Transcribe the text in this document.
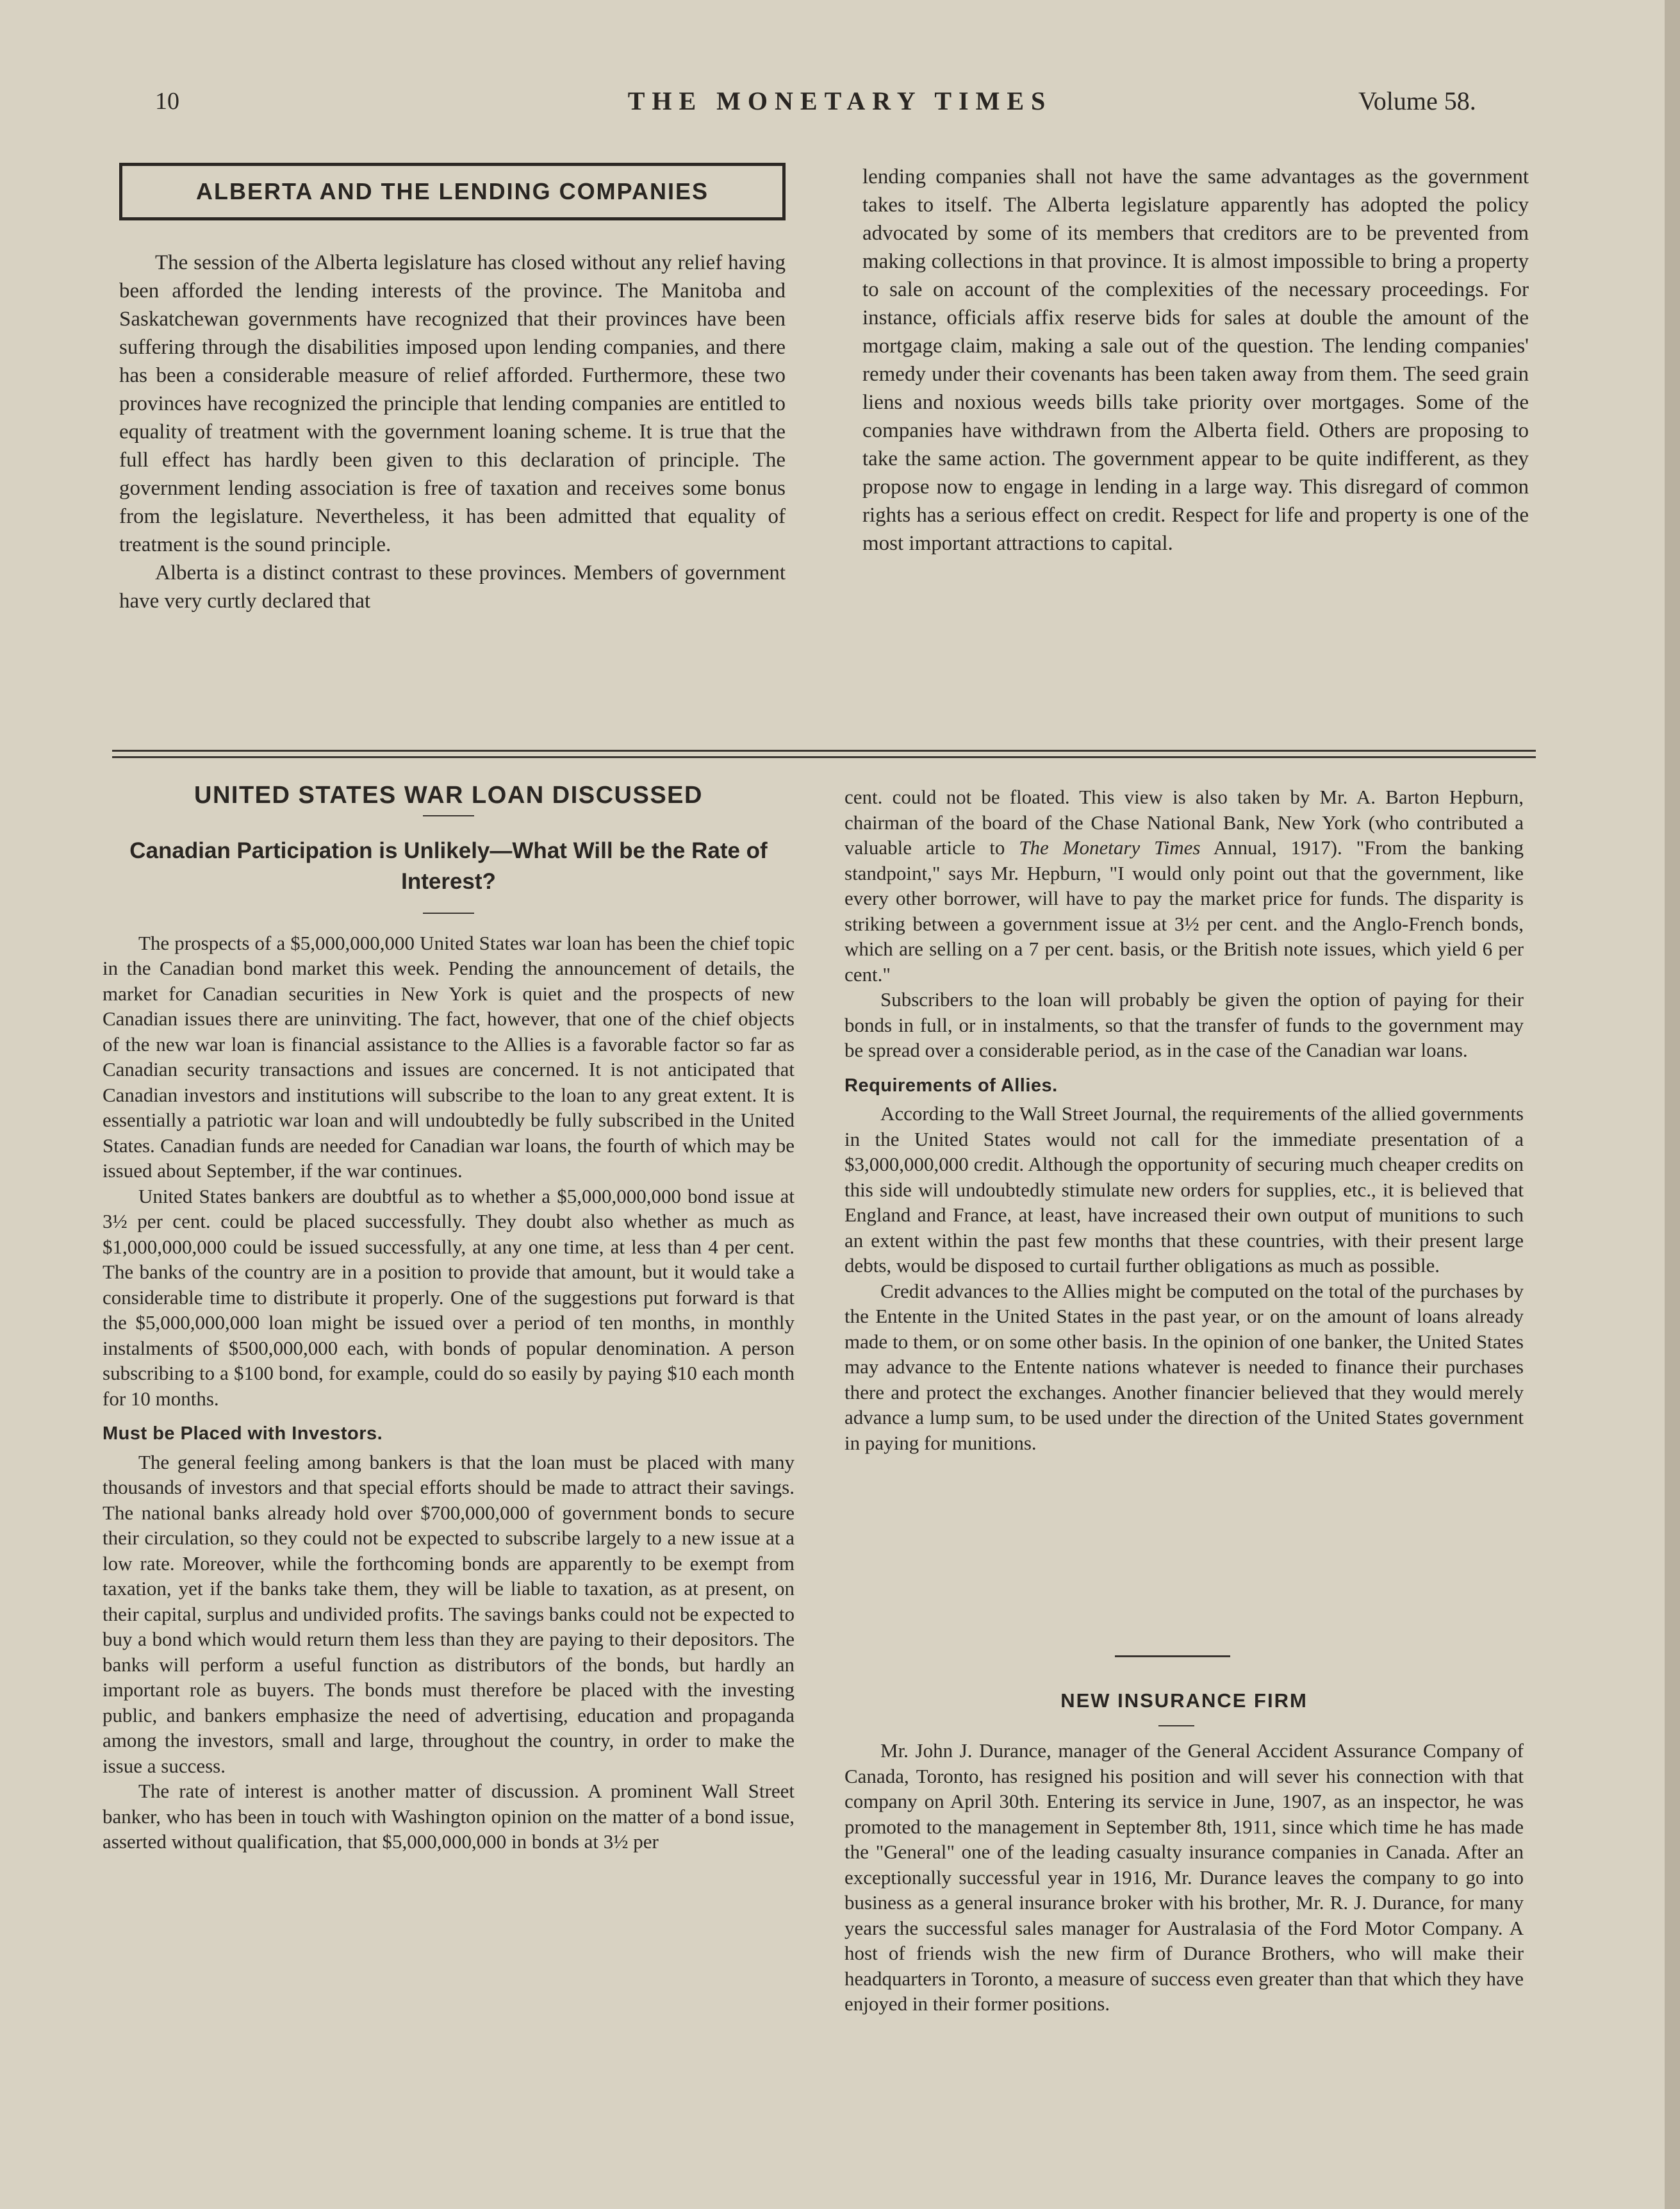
10	THE MONETARY TIMES	Volume 58.
ALBERTA AND THE LENDING COMPANIES

The session of the Alberta legislature has closed without any relief having been afforded the lending interests of the province. The Manitoba and Saskatchewan governments have recognized that their provinces have been suffering through the disabilities imposed upon lending companies, and there has been a considerable measure of relief afforded. Furthermore, these two provinces have recognized the principle that lending companies are entitled to equality of treatment with the government loaning scheme. It is true that the full effect has hardly been given to this declaration of principle. The government lending association is free of taxation and receives some bonus from the legislature. Nevertheless, it has been admitted that equality of treatment is the sound principle.

Alberta is a distinct contrast to these provinces. Members of government have very curtly declared that

lending companies shall not have the same advantages as the government takes to itself. The Alberta legislature apparently has adopted the policy advocated by some of its members that creditors are to be prevented from making collections in that province. It is almost impossible to bring a property to sale on account of the complexities of the necessary proceedings. For instance, officials affix reserve bids for sales at double the amount of the mortgage claim, making a sale out of the question. The lending companies' remedy under their covenants has been taken away from them. The seed grain liens and noxious weeds bills take priority over mortgages. Some of the companies have withdrawn from the Alberta field. Others are proposing to take the same action. The government appear to be quite indifferent, as they propose now to engage in lending in a large way. This disregard of common rights has a serious effect on credit. Respect for life and property is one of the most important attractions to capital.

UNITED STATES WAR LOAN DISCUSSED
Canadian Participation is Unlikely—What Will be the Rate of Interest?

The prospects of a $5,000,000,000 United States war loan has been the chief topic in the Canadian bond market this week. Pending the announcement of details, the market for Canadian securities in New York is quiet and the prospects of new Canadian issues there are uninviting. The fact, however, that one of the chief objects of the new war loan is financial assistance to the Allies is a favorable factor so far as Canadian security transactions and issues are concerned. It is not anticipated that Canadian investors and institutions will subscribe to the loan to any great extent. It is essentially a patriotic war loan and will undoubtedly be fully subscribed in the United States. Canadian funds are needed for Canadian war loans, the fourth of which may be issued about September, if the war continues.

United States bankers are doubtful as to whether a $5,000,000,000 bond issue at 3½ per cent. could be placed successfully. They doubt also whether as much as $1,000,000,000 could be issued successfully, at any one time, at less than 4 per cent. The banks of the country are in a position to provide that amount, but it would take a considerable time to distribute it properly. One of the suggestions put forward is that the $5,000,000,000 loan might be issued over a period of ten months, in monthly instalments of $500,000,000 each, with bonds of popular denomination. A person subscribing to a $100 bond, for example, could do so easily by paying $10 each month for 10 months.

Must be Placed with Investors.

The general feeling among bankers is that the loan must be placed with many thousands of investors and that special efforts should be made to attract their savings. The national banks already hold over $700,000,000 of government bonds to secure their circulation, so they could not be expected to subscribe largely to a new issue at a low rate. Moreover, while the forthcoming bonds are apparently to be exempt from taxation, yet if the banks take them, they will be liable to taxation, as at present, on their capital, surplus and undivided profits. The savings banks could not be expected to buy a bond which would return them less than they are paying to their depositors. The banks will perform a useful function as distributors of the bonds, but hardly an important role as buyers. The bonds must therefore be placed with the investing public, and bankers emphasize the need of advertising, education and propaganda among the investors, small and large, throughout the country, in order to make the issue a success.

The rate of interest is another matter of discussion. A prominent Wall Street banker, who has been in touch with Washington opinion on the matter of a bond issue, asserted without qualification, that $5,000,000,000 in bonds at 3½ per

cent. could not be floated. This view is also taken by Mr. A. Barton Hepburn, chairman of the board of the Chase National Bank, New York (who contributed a valuable article to The Monetary Times Annual, 1917). "From the banking standpoint," says Mr. Hepburn, "I would only point out that the government, like every other borrower, will have to pay the market price for funds. The disparity is striking between a government issue at 3½ per cent. and the Anglo-French bonds, which are selling on a 7 per cent. basis, or the British note issues, which yield 6 per cent."

Subscribers to the loan will probably be given the option of paying for their bonds in full, or in instalments, so that the transfer of funds to the government may be spread over a considerable period, as in the case of the Canadian war loans.

Requirements of Allies.

According to the Wall Street Journal, the requirements of the allied governments in the United States would not call for the immediate presentation of a $3,000,000,000 credit. Although the opportunity of securing much cheaper credits on this side will undoubtedly stimulate new orders for supplies, etc., it is believed that England and France, at least, have increased their own output of munitions to such an extent within the past few months that these countries, with their present large debts, would be disposed to curtail further obligations as much as possible.

Credit advances to the Allies might be computed on the total of the purchases by the Entente in the United States in the past year, or on the amount of loans already made to them, or on some other basis. In the opinion of one banker, the United States may advance to the Entente nations whatever is needed to finance their purchases there and protect the exchanges. Another financier believed that they would merely advance a lump sum, to be used under the direction of the United States government in paying for munitions.

NEW INSURANCE FIRM

Mr. John J. Durance, manager of the General Accident Assurance Company of Canada, Toronto, has resigned his position and will sever his connection with that company on April 30th. Entering its service in June, 1907, as an inspector, he was promoted to the management in September 8th, 1911, since which time he has made the "General" one of the leading casualty insurance companies in Canada. After an exceptionally successful year in 1916, Mr. Durance leaves the company to go into business as a general insurance broker with his brother, Mr. R. J. Durance, for many years the successful sales manager for Australasia of the Ford Motor Company. A host of friends wish the new firm of Durance Brothers, who will make their headquarters in Toronto, a measure of success even greater than that which they have enjoyed in their former positions.
